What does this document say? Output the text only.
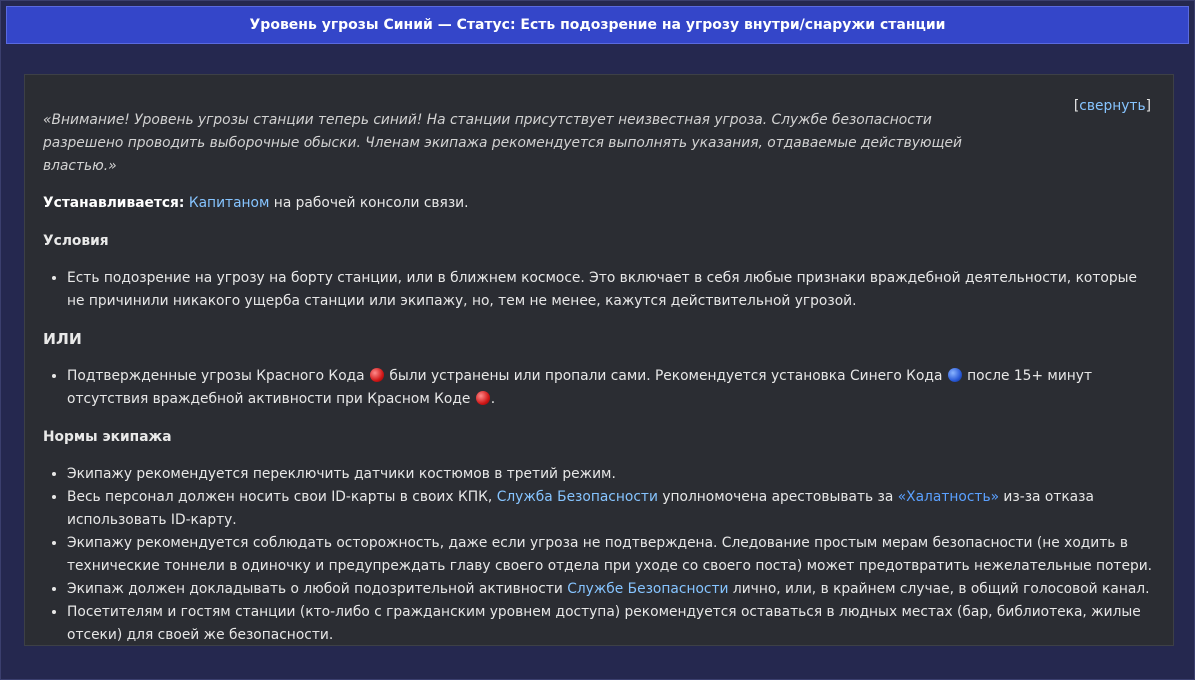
Уровень угрозы Синий — Статус: Есть подозрение на угрозу внутри/снаружи станции
[свернуть]

«Внимание! Уровень угрозы станции теперь синий! На станции присутствует неизвестная угроза. Службе безопасности разрешено проводить выборочные обыски. Членам экипажа рекомендуется выполнять указания, отдаваемые действующей властью.»

Устанавливается: Капитаном на рабочей консоли связи.

Условия
• Есть подозрение на угрозу на борту станции, или в ближнем космосе. Это включает в себя любые признаки враждебной деятельности, которые не причинили никакого ущерба станции или экипажу, но, тем не менее, кажутся действительной угрозой.
ИЛИ
• Подтвержденные угрозы Красного Кода  были устранены или пропали сами. Рекомендуется установка Синего Кода  после 15+ минут отсутствия враждебной активности при Красном Коде .
Нормы экипажа
• Экипажу рекомендуется переключить датчики костюмов в третий режим.
• Весь персонал должен носить свои ID-карты в своих КПК, Служба Безопасности уполномочена арестовывать за «Халатность» из-за отказа использовать ID-карту.
• Экипажу рекомендуется соблюдать осторожность, даже если угроза не подтверждена. Следование простым мерам безопасности (не ходить в технические тоннели в одиночку и предупреждать главу своего отдела при уходе со своего поста) может предотвратить нежелательные потери.
• Экипаж должен докладывать о любой подозрительной активности Службе Безопасности лично, или, в крайнем случае, в общий голосовой канал.
• Посетителям и гостям станции (кто-либо с гражданским уровнем доступа) рекомендуется оставаться в людных местах (бар, библиотека, жилые отсеки) для своей же безопасности.
